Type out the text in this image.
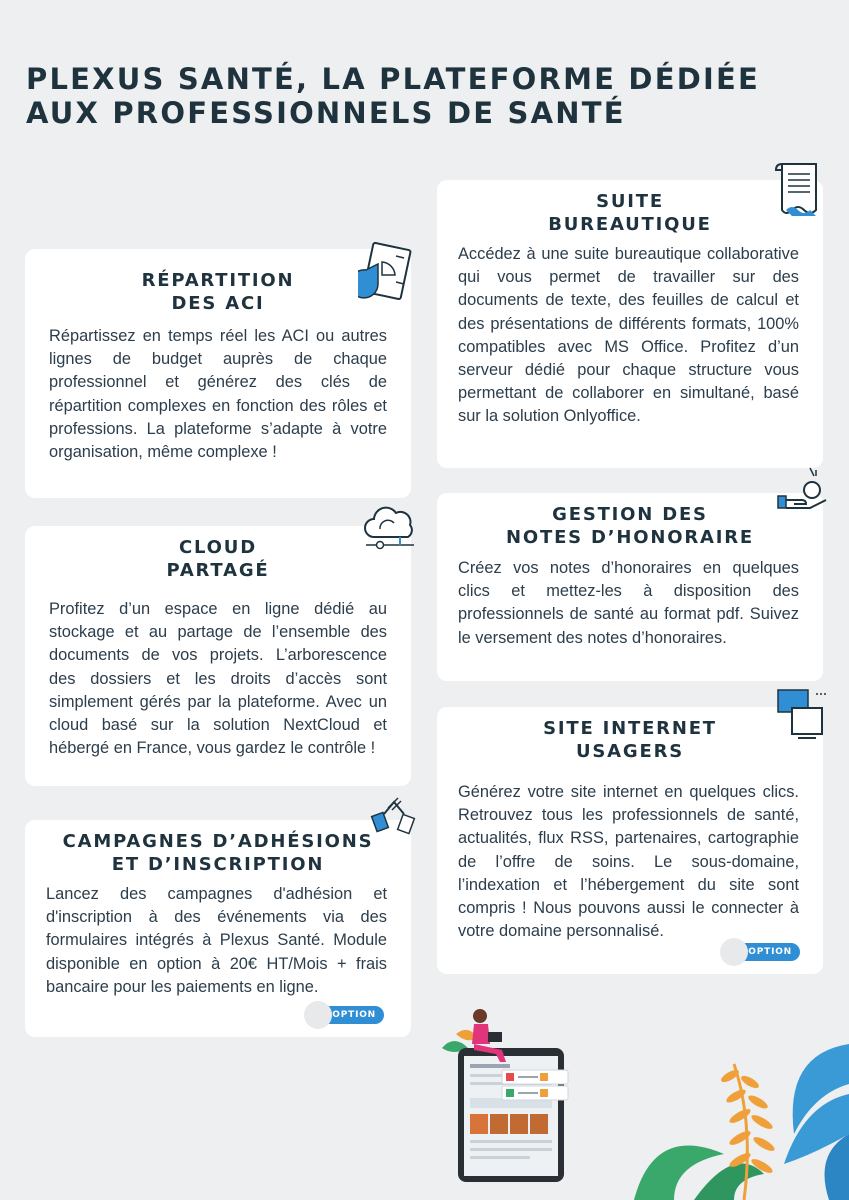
PLEXUS SANTÉ, LA PLATEFORME DÉDIÉE
AUX PROFESSIONNELS DE SANTÉ
RÉPARTITION
DES ACI
Répartissez en temps réel les ACI ou autres lignes de budget auprès de chaque professionnel et générez des clés de répartition complexes en fonction des rôles et professions. La plateforme s’adapte à votre organisation, même complexe !
CLOUD
PARTAGÉ
Profitez d’un espace en ligne dédié au stockage et au partage de l’ensemble des documents de vos projets. L’arborescence des dossiers et les droits d’accès sont simplement gérés par la plateforme. Avec un cloud basé sur la solution NextCloud et hébergé en France, vous gardez le contrôle !
CAMPAGNES D’ADHÉSIONS
ET D’INSCRIPTION
Lancez des campagnes d'adhésion et d'inscription à des événements via des formulaires intégrés à Plexus Santé. Module disponible en option à 20€ HT/Mois + frais bancaire pour les paiements en ligne.
OPTION
SUITE
BUREAUTIQUE
Accédez à une suite bureautique collaborative qui vous permet de travailler sur des documents de texte, des feuilles de calcul et des présentations de différents formats, 100% compatibles avec MS Office. Profitez d’un serveur dédié pour chaque structure vous permettant de collaborer en simultané, basé sur la solution Onlyoffice.
GESTION DES
NOTES D’HONORAIRE
Créez vos notes d’honoraires en quelques clics et mettez-les à disposition des professionnels de santé au format pdf. Suivez le versement des notes d’honoraires.
SITE INTERNET
USAGERS
Générez votre site internet en quelques clics. Retrouvez tous les professionnels de santé, actualités, flux RSS, partenaires, cartographie de l’offre de soins. Le sous-domaine, l’indexation et l’hébergement du site sont compris ! Nous pouvons aussi le connecter à votre domaine personnalisé.
OPTION
